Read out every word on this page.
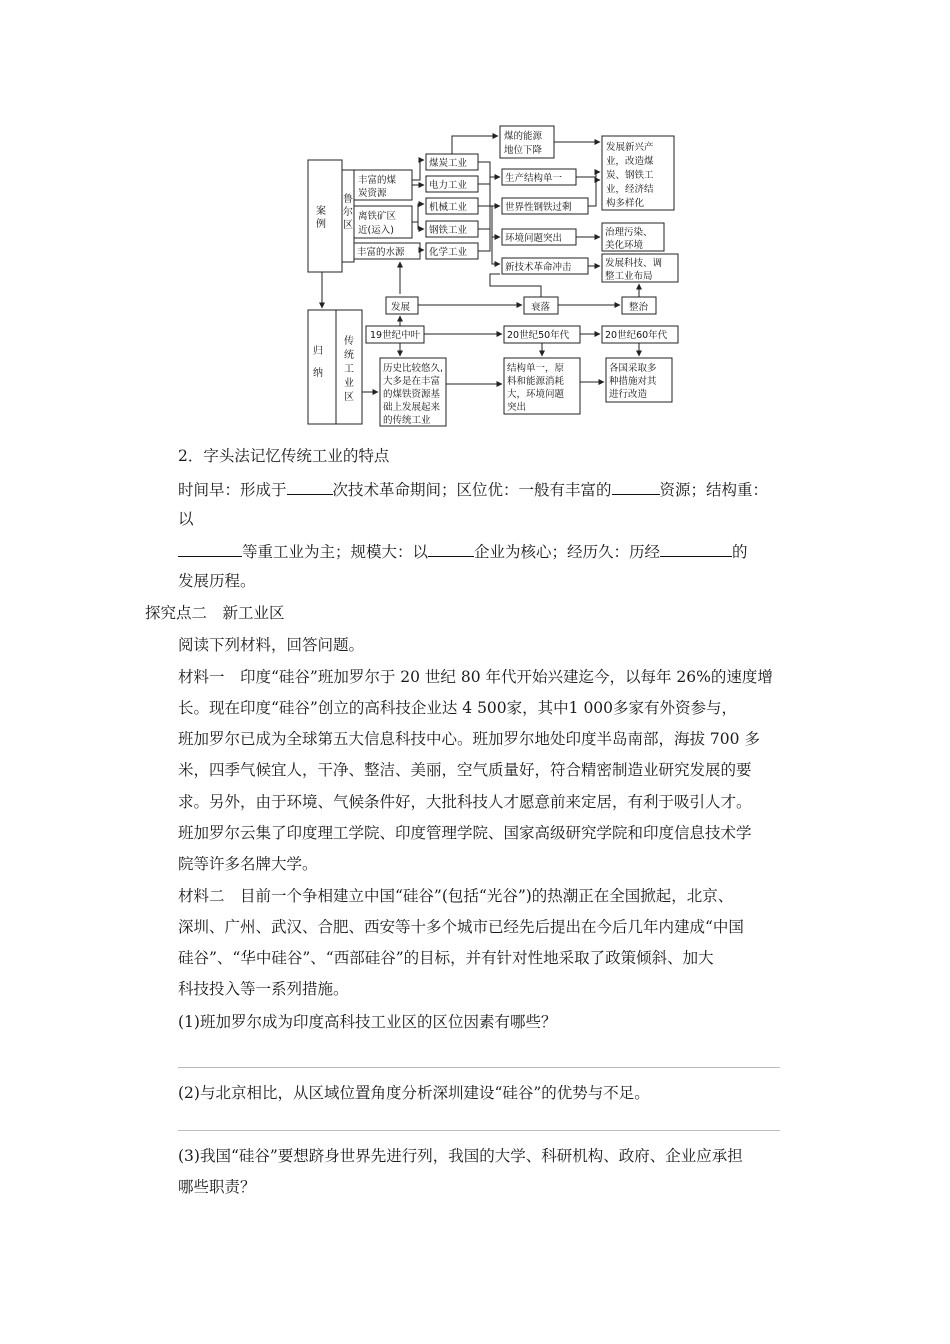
案
例
鲁
尔
区
归
纳
传
统
工
业
区
丰富的煤
炭资源
离铁矿区
近(运入)
丰富的水源
煤炭工业
电力工业
机械工业
钢铁工业
化学工业
煤的能源
地位下降
生产结构单一
世界性钢铁过剩
环境问题突出
新技术革命冲击
发展新兴产
业，改造煤
炭、钢铁工
业，经济结
构多样化
治理污染、
美化环境
发展科技、调
整工业布局
发展	衰落	整治
19世纪中叶	20世纪50年代	20世纪60年代
历史比较悠久,
大多是在丰富
的煤铁资源基
础上发展起来
的传统工业
结构单一，原
料和能源消耗
大，环境问题
突出
各国采取多
种措施对其
进行改造
2．字头法记忆传统工业的特点
时间早：形成于	次技术革命期间；区位优：一般有丰富的	资源；结构重：
以
等重工业为主；规模大：以	企业为核心；经历久：历经	的
发展历程。
探究点二　新工业区
阅读下列材料，回答问题。
材料一　印度“硅谷”班加罗尔于 20 世纪 80 年代开始兴建迄今，以每年 26%的速度增
长。现在印度“硅谷”创立的高科技企业达 4 500家，其中1 000多家有外资参与，
班加罗尔已成为全球第五大信息科技中心。班加罗尔地处印度半岛南部，海拔 700 多
米，四季气候宜人，干净、整洁、美丽，空气质量好，符合精密制造业研究发展的要
求。另外，由于环境、气候条件好，大批科技人才愿意前来定居，有利于吸引人才。
班加罗尔云集了印度理工学院、印度管理学院、国家高级研究学院和印度信息技术学
院等许多名牌大学。
材料二　目前一个争相建立中国“硅谷”(包括“光谷”)的热潮正在全国掀起，北京、
深圳、广州、武汉、合肥、西安等十多个城市已经先后提出在今后几年内建成“中国
硅谷”、“华中硅谷”、“西部硅谷”的目标，并有针对性地采取了政策倾斜、加大
科技投入等一系列措施。
(1)班加罗尔成为印度高科技工业区的区位因素有哪些？
(2)与北京相比，从区域位置角度分析深圳建设“硅谷”的优势与不足。
(3)我国“硅谷”要想跻身世界先进行列，我国的大学、科研机构、政府、企业应承担
哪些职责？
